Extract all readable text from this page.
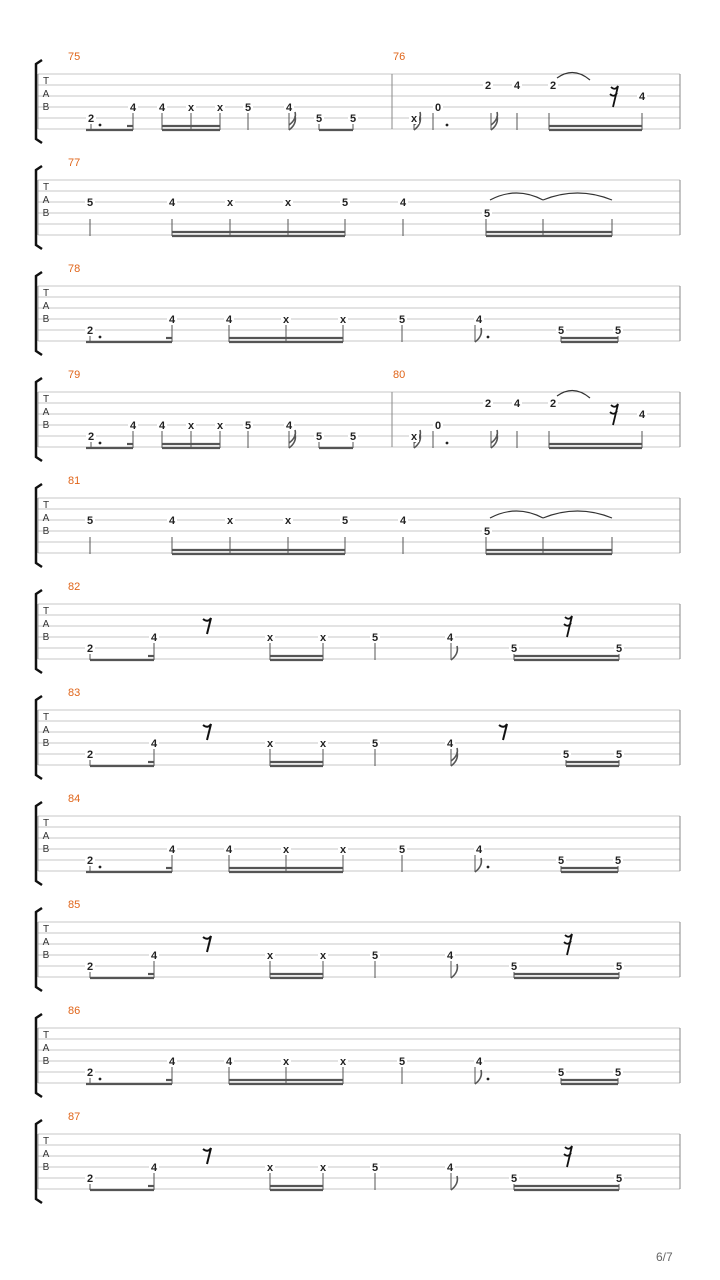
T
A
B
2
4 4 x x 5	4
5	5	x
0
2 4	2
4
T
A
B
5	4	x	x	5	4
5
T
A
B
2
4	4	x	x	5	4
5	5
T
A
B
2
4 4 x x 5	4
5	5	x
0
2 4	2
4
T
A
B
5	4	x	x	5	4
5
T
A
B
2
4	x	x	5	4
5	5
T
A
B
2
4	x	x	5	4
5	5
T
A
B
2
4	4	x	x	5	4
5	5
T
A
B
2
4	x	x	5	4
5	5
T
A
B
2
4	4	x	x	5	4
5	5
T
A
B
2
4	x	x	5	4
5	5
6/7
75	76
77
78
79	80
81
82
83
84
85
86
87
